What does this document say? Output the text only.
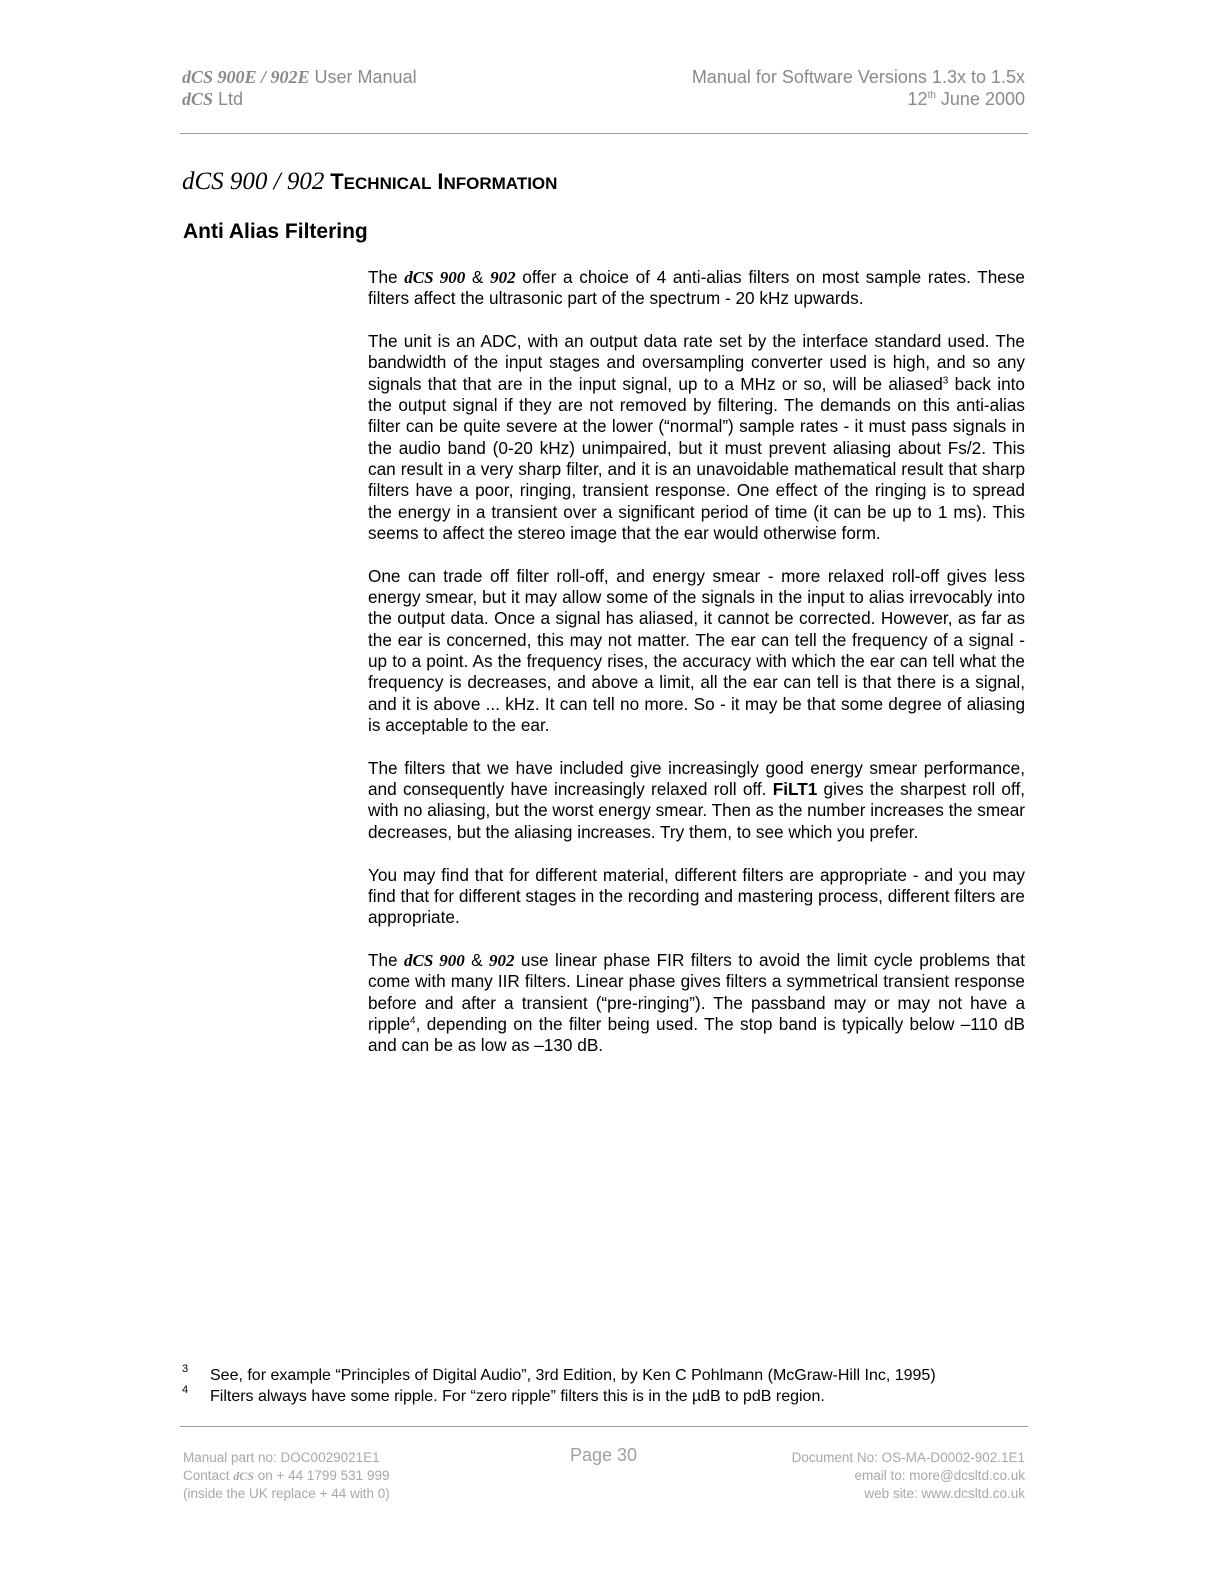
dCS 900E / 902E User Manual
dCS Ltd
Manual for Software Versions 1.3x to 1.5x
12th June 2000
dCS 900 / 902 TECHNICAL INFORMATION
Anti Alias Filtering

The dCS 900 & 902 offer a choice of 4 anti-alias filters on most sample rates. These filters affect the ultrasonic part of the spectrum - 20 kHz upwards.

The unit is an ADC, with an output data rate set by the interface standard used. The bandwidth of the input stages and oversampling converter used is high, and so any signals that that are in the input signal, up to a MHz or so, will be aliased$^3$ back into the output signal if they are not removed by filtering. The demands on this anti-alias filter can be quite severe at the lower (“normal”) sample rates - it must pass signals in the audio band (0-20 kHz) unimpaired, but it must prevent aliasing about Fs/2. This can result in a very sharp filter, and it is an unavoidable mathematical result that sharp filters have a poor, ringing, transient response. One effect of the ringing is to spread the energy in a transient over a significant period of time (it can be up to 1 ms). This seems to affect the stereo image that the ear would otherwise form.

One can trade off filter roll-off, and energy smear - more relaxed roll-off gives less energy smear, but it may allow some of the signals in the input to alias irrevocably into the output data. Once a signal has aliased, it cannot be corrected. However, as far as the ear is concerned, this may not matter. The ear can tell the frequency of a signal - up to a point. As the frequency rises, the accuracy with which the ear can tell what the frequency is decreases, and above a limit, all the ear can tell is that there is a signal, and it is above ... kHz. It can tell no more. So - it may be that some degree of aliasing is acceptable to the ear.

The filters that we have included give increasingly good energy smear performance, and consequently have increasingly relaxed roll off. FiLT1 gives the sharpest roll off, with no aliasing, but the worst energy smear. Then as the number increases the smear decreases, but the aliasing increases. Try them, to see which you prefer.

You may find that for different material, different filters are appropriate - and you may find that for different stages in the recording and mastering process, different filters are appropriate.

The dCS 900 & 902 use linear phase FIR filters to avoid the limit cycle problems that come with many IIR filters. Linear phase gives filters a symmetrical transient response before and after a transient (“pre-ringing”). The passband may or may not have a ripple$^4$, depending on the filter being used. The stop band is typically below –110 dB and can be as low as –130 dB.

3 See, for example “Principles of Digital Audio”, 3rd Edition, by Ken C Pohlmann (McGraw-Hill Inc, 1995)
4 Filters always have some ripple. For “zero ripple” filters this is in the µdB to pdB region.
Manual part no: DOC0029021E1
Contact dCS on + 44 1799 531 999
(inside the UK replace + 44 with 0)
Page 30	Document No: OS-MA-D0002-902.1E1
email to: more@dcsltd.co.uk
web site: www.dcsltd.co.uk
